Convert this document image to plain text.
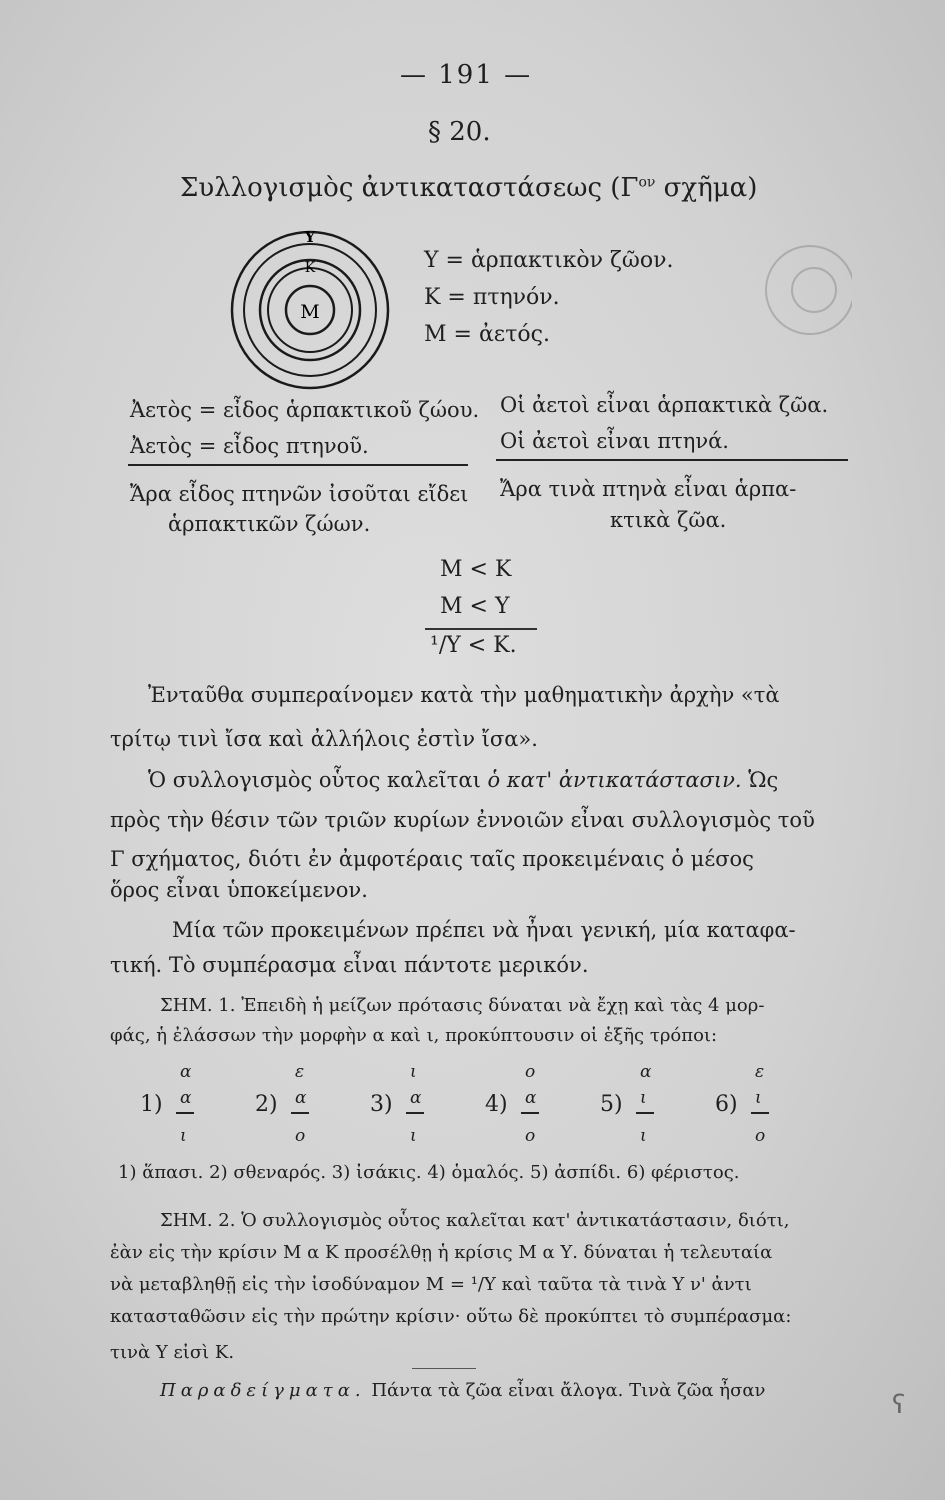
— 191 —
§ 20.
Συλλογισμὸς ἀντικαταστάσεως ($\Gamma^{o\nu}$ σχῆμα)
Υ
Κ
Μ
Υ = ἁρπακτικὸν ζῶον.
Κ = πτηνόν.
Μ = ἀετός.
Ἀετὸς = εἶδος ἁρπακτικοῦ ζώου.
Ἀετὸς = εἶδος πτηνοῦ.
Ἄρα εἶδος πτηνῶν ἰσοῦται εἴδει
ἁρπακτικῶν ζώων.
Οἱ ἀετοὶ εἶναι ἁρπακτικὰ ζῶα.
Οἱ ἀετοὶ εἶναι πτηνά.
Ἄρα τινὰ πτηνὰ εἶναι ἁρπα-
κτικὰ ζῶα.
Μ < Κ
Μ < Υ
¹/Υ < Κ.
Ἐνταῦθα συμπεραίνομεν κατὰ τὴν μαθηματικὴν ἀρχὴν «τὰ
τρίτῳ τινὶ ἴσα καὶ ἀλλήλοις ἐστὶν ἴσα».
Ὁ συλλογισμὸς οὗτος καλεῖται ὁ κατ' ἀντικατάστασιν. Ὡς
πρὸς τὴν θέσιν τῶν τριῶν κυρίων ἐννοιῶν εἶναι συλλογισμὸς τοῦ
Γ σχήματος, διότι ἐν ἀμφοτέραις ταῖς προκειμέναις ὁ μέσος
ὅρος εἶναι ὑποκείμενον.
Μία τῶν προκειμένων πρέπει νὰ ἦναι γενική, μία καταφα-
τική. Τὸ συμπέρασμα εἶναι πάντοτε μερικόν.
ΣΗΜ. 1. Ἐπειδὴ ἡ μείζων πρότασις δύναται νὰ ἔχῃ καὶ τὰς 4 μορ-
φάς, ἡ ἐλάσσων τὴν μορφὴν α καὶ ι, προκύπτουσιν οἱ ἑξῆς τρόποι:
1)
α
α
ι
2)
ε
α
ο
3)
ι
α
ι
4)
ο
α
ο
5)
α
ι
ι
6)
ε
ι
ο
1) ἅπασι. 2) σθεναρός. 3) ἰσάκις. 4) ὁμαλός. 5) ἀσπίδι. 6) φέριστος.
ΣΗΜ. 2. Ὁ συλλογισμὸς οὗτος καλεῖται κατ' ἀντικατάστασιν, διότι,
ἐὰν εἰς τὴν κρίσιν Μ α Κ προσέλθῃ ἡ κρίσις Μ α Υ. δύναται ἡ τελευταία
νὰ μεταβληθῇ εἰς τὴν ἰσοδύναμον Μ = ¹/Υ καὶ ταῦτα τὰ τινὰ Υ ν' ἀντι
κατασταθῶσιν εἰς τὴν πρώτην κρίσιν· οὕτω δὲ προκύπτει τὸ συμπέρασμα:
τινὰ Υ εἰσὶ Κ.
Παραδείγματα. Πάντα τὰ ζῶα εἶναι ἄλογα. Τινὰ ζῶα ἦσαν	ʕ
